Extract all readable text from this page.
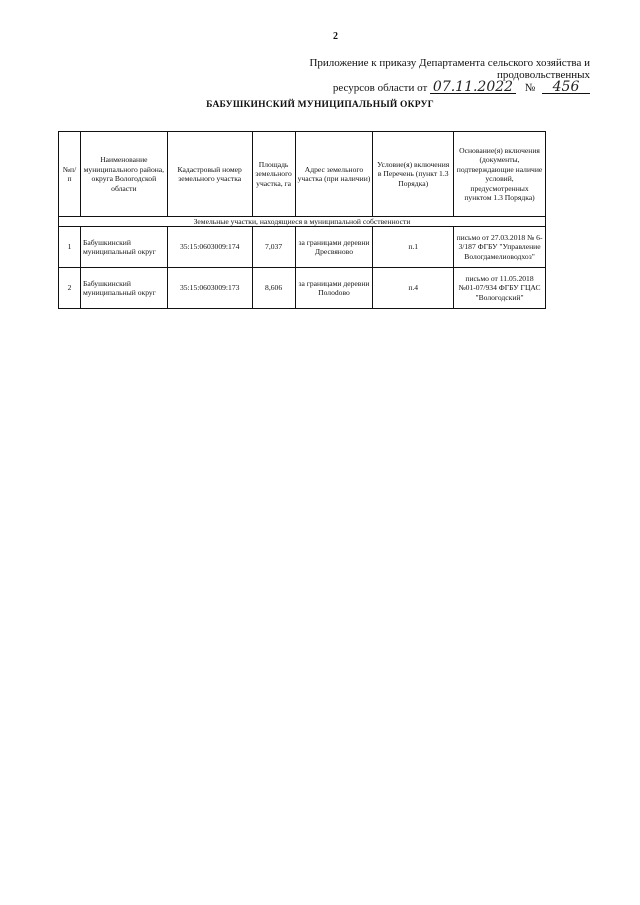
2
Приложение к приказу Департамента сельского хозяйства и продовольственных
ресурсов области от 07.11.2022 № 456
БАБУШКИНСКИЙ МУНИЦИПАЛЬНЫЙ ОКРУГ
№п/п	Наименование муниципального района, округа Вологодской области	Кадастровый номер земельного участка	Площадь земельного участка, га	Адрес земельного участка (при наличии)	Условие(я) включения в Перечень (пункт 1.3 Порядка)	Основание(я) включения (документы, подтверждающие наличие условий, предусмотренных пунктом 1.3 Порядка)
Земельные участки, находящиеся в муниципальной собственности						
1	Бабушкинский муниципальный округ	35:15:0603009:174	7,037	за границами деревни Дресвяново	п.1	письмо от 27.03.2018 № 6-3/187 ФГБУ "Управление Вологдамелиоводхоз"
2	Бабушкинский муниципальный округ	35:15:0603009:173	8,606	за границами деревни Полodoво	п.4	письмо от 11.05.2018 №01-07/934 ФГБУ ГЦАС "Вологодский"
